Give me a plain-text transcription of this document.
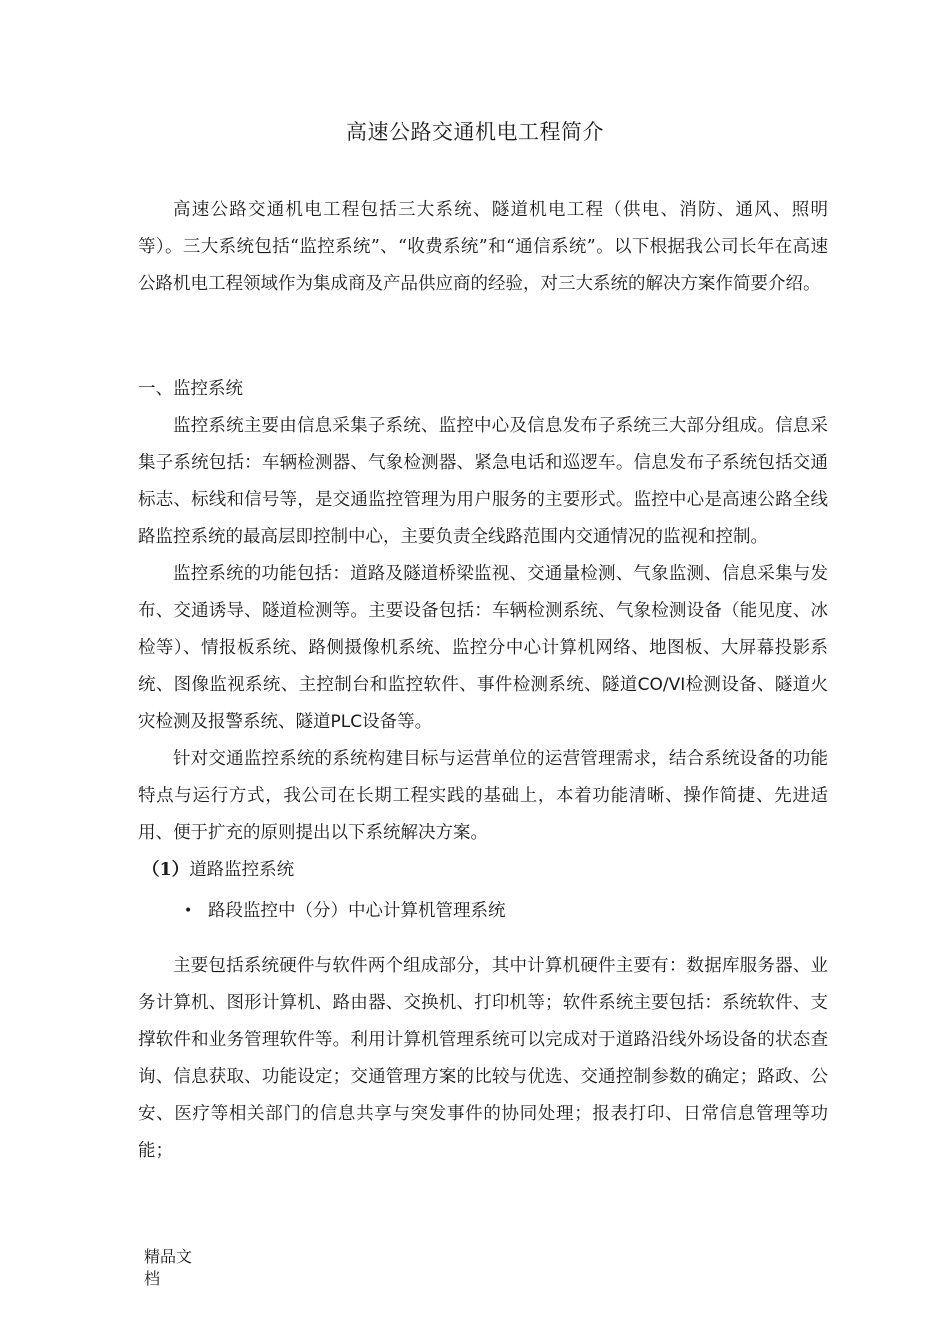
高速公路交通机电工程简介

高速公路交通机电工程包括三大系统、隧道机电工程（供电、消防、通风、照明等）。三大系统包括“监控系统”、“收费系统”和“通信系统”。以下根据我公司长年在高速公路机电工程领域作为集成商及产品供应商的经验，对三大系统的解决方案作简要介绍。

一、监控系统

监控系统主要由信息采集子系统、监控中心及信息发布子系统三大部分组成。信息采集子系统包括：车辆检测器、气象检测器、紧急电话和巡逻车。信息发布子系统包括交通标志、标线和信号等，是交通监控管理为用户服务的主要形式。监控中心是高速公路全线路监控系统的最高层即控制中心，主要负责全线路范围内交通情况的监视和控制。

监控系统的功能包括：道路及隧道桥梁监视、交通量检测、气象监测、信息采集与发布、交通诱导、隧道检测等。主要设备包括：车辆检测系统、气象检测设备（能见度、冰检等）、情报板系统、路侧摄像机系统、监控分中心计算机网络、地图板、大屏幕投影系统、图像监视系统、主控制台和监控软件、事件检测系统、隧道CO/VI检测设备、隧道火灾检测及报警系统、隧道PLC设备等。

针对交通监控系统的系统构建目标与运营单位的运营管理需求，结合系统设备的功能特点与运行方式，我公司在长期工程实践的基础上，本着功能清晰、操作简捷、先进适用、便于扩充的原则提出以下系统解决方案。

（1）道路监控系统

• 路段监控中（分）中心计算机管理系统

主要包括系统硬件与软件两个组成部分，其中计算机硬件主要有：数据库服务器、业务计算机、图形计算机、路由器、交换机、打印机等；软件系统主要包括：系统软件、支撑软件和业务管理软件等。利用计算机管理系统可以完成对于道路沿线外场设备的状态查询、信息获取、功能设定；交通管理方案的比较与优选、交通控制参数的确定；路政、公安、医疗等相关部门的信息共享与突发事件的协同处理；报表打印、日常信息管理等功能；

精品文
档
